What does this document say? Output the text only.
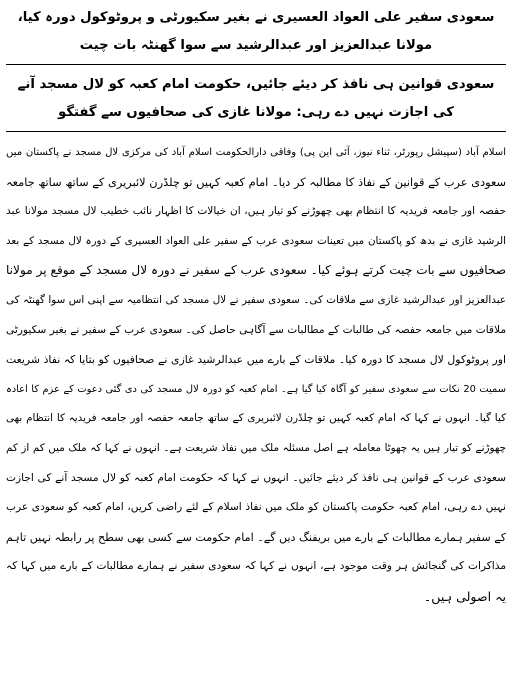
سعودی سفیر علی العواد العسیری نے بغیر سکیورٹی و پروٹوکول دورہ کیا، مولانا عبدالعزیز اور عبدالرشید سے سوا گھنٹہ بات چیت

سعودی قوانین ہی نافذ کر دیئے جائیں، حکومت امام کعبہ کو لال مسجد آنے کی اجازت نہیں دے رہی: مولانا غازی کی صحافیوں سے گفتگو

اسلام آباد (سپیشل رپورٹر، ثناء نیوز، آئی این پی) وفاقی دارالحکومت اسلام آباد کی مرکزی لال مسجد نے پاکستان میں
سعودی عرب کے قوانین کے نفاذ کا مطالبہ کر دیا۔ امام کعبہ کہیں تو چلڈرن لائبریری کے ساتھ ساتھ جامعہ
حفصہ اور جامعہ فریدیہ کا انتظام بھی چھوڑنے کو تیار ہیں، ان خیالات کا اظہار نائب خطیب لال مسجد مولانا عبد
الرشید غازی نے بدھ کو پاکستان میں تعینات سعودی عرب کے سفیر علی العواد العسیری کے دورہ لال مسجد کے بعد
صحافیوں سے بات چیت کرتے ہوئے کیا۔ سعودی عرب کے سفیر نے دورہ لال مسجد کے موقع پر مولانا
عبدالعزیز اور عبدالرشید غازی سے ملاقات کی۔ سعودی سفیر نے لال مسجد کی انتظامیہ سے اپنی اس سوا گھنٹہ کی
ملاقات میں جامعہ حفصہ کی طالبات کے مطالبات سے آگاہی حاصل کی۔ سعودی عرب کے سفیر نے بغیر سکیورٹی
اور پروٹوکول لال مسجد کا دورہ کیا۔ ملاقات کے بارے میں عبدالرشید غازی نے صحافیوں کو بتایا کہ نفاذ شریعت
سمیت 20 نکات سے سعودی سفیر کو آگاہ کیا گیا ہے۔ امام کعبہ کو دورہ لال مسجد کی دی گئی دعوت کے عزم کا اعادہ
کیا گیا۔ انہوں نے کہا کہ امام کعبہ کہیں تو چلڈرن لائبریری کے ساتھ جامعہ حفصہ اور جامعہ فریدیہ کا انتظام بھی
چھوڑنے کو تیار ہیں یہ چھوٹا معاملہ ہے اصل مسئلہ ملک میں نفاذ شریعت ہے۔ انہوں نے کہا کہ ملک میں کم از کم
سعودی عرب کے قوانین ہی نافذ کر دیئے جائیں۔ انہوں نے کہا کہ حکومت امام کعبہ کو لال مسجد آنے کی اجازت
نہیں دے رہی، امام کعبہ حکومت پاکستان کو ملک میں نفاذ اسلام کے لئے راضی کریں، امام کعبہ کو سعودی عرب
کے سفیر ہمارے مطالبات کے بارے میں بریفنگ دیں گے۔ امام حکومت سے کسی بھی سطح پر رابطہ نہیں تاہم
مذاکرات کی گنجائش ہر وقت موجود ہے، انہوں نے کہا کہ سعودی سفیر نے ہمارے مطالبات کے بارے میں کہا کہ
یہ اصولی ہیں۔
